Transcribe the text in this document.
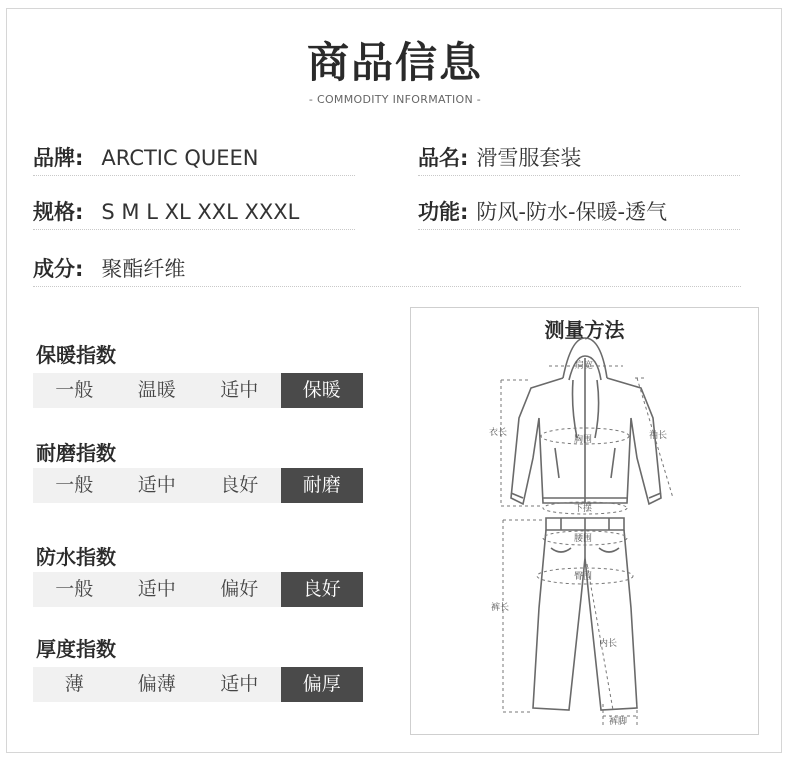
商品信息
- COMMODITY INFORMATION -
品牌: ARCTIC QUEEN	品名: 滑雪服套装
规格: S M L XL XXL XXXL	功能: 防风-防水-保暖-透气
成分: 聚酯纤维
保暖指数
一般	温暖	适中	保暖
耐磨指数
一般	适中	良好	耐磨
防水指数
一般	适中	偏好	良好
厚度指数
薄	偏薄	适中	偏厚
测量方法
肩宽
衣长
胸围	袖长
下摆
腰围
臀围
裤长
内长
裤脚
